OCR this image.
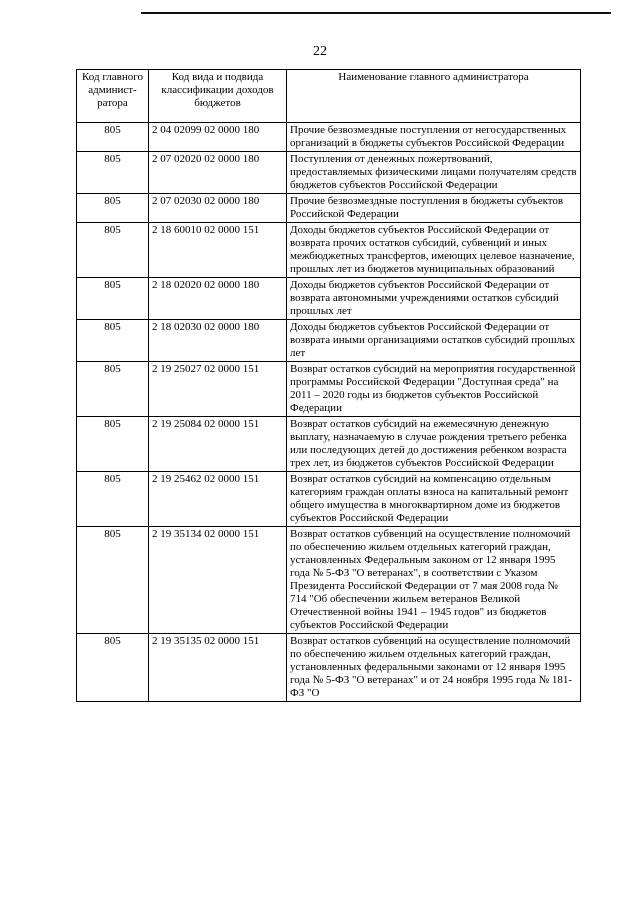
22
Код главного админист-ратора	Код вида и подвида классификации доходов бюджетов	Наименование главного администратора
805	2 04 02099 02 0000 180	Прочие безвозмездные поступления от негосударственных организаций в бюджеты субъектов Российской Федерации
805	2 07 02020 02 0000 180	Поступления от денежных пожертвований, предоставляемых физическими лицами получателям средств бюджетов субъектов Российской Федерации
805	2 07 02030 02 0000 180	Прочие безвозмездные поступления в бюджеты субъектов Российской Федерации
805	2 18 60010 02 0000 151	Доходы бюджетов субъектов Российской Федерации от возврата прочих остатков субсидий, субвенций и иных межбюджетных трансфертов, имеющих целевое назначение, прошлых лет из бюджетов муниципальных образований
805	2 18 02020 02 0000 180	Доходы бюджетов субъектов Российской Федерации от возврата автономными учреждениями остатков субсидий прошлых лет
805	2 18 02030 02 0000 180	Доходы бюджетов субъектов Российской Федерации от возврата иными организациями остатков субсидий прошлых лет
805	2 19 25027 02 0000 151	Возврат остатков субсидий на мероприятия государственной программы Российской Федерации "Доступная среда" на 2011 – 2020 годы из бюджетов субъектов Российской Федерации
805	2 19 25084 02 0000 151	Возврат остатков субсидий на ежемесячную денежную выплату, назначаемую в случае рождения третьего ребенка или последующих детей до достижения ребенком возраста трех лет, из бюджетов субъектов Российской Федерации
805	2 19 25462 02 0000 151	Возврат остатков субсидий на компенсацию отдельным категориям граждан оплаты взноса на капитальный ремонт общего имущества в многоквартирном доме из бюджетов субъектов Российской Федерации
805	2 19 35134 02 0000 151	Возврат остатков субвенций на осуществление полномочий по обеспечению жильем отдельных категорий граждан, установленных Федеральным законом от 12 января 1995 года № 5-ФЗ "О ветеранах", в соответствии с Указом Президента Российской Федерации от 7 мая 2008 года № 714 "Об обеспечении жильем ветеранов Великой Отечественной войны 1941 – 1945 годов" из бюджетов субъектов Российской Федерации
805	2 19 35135 02 0000 151	Возврат остатков субвенций на осуществление полномочий по обеспечению жильем отдельных категорий граждан, установленных федеральными законами от 12 января 1995 года № 5-ФЗ "О ветеранах" и от 24 ноября 1995 года № 181-ФЗ "О
